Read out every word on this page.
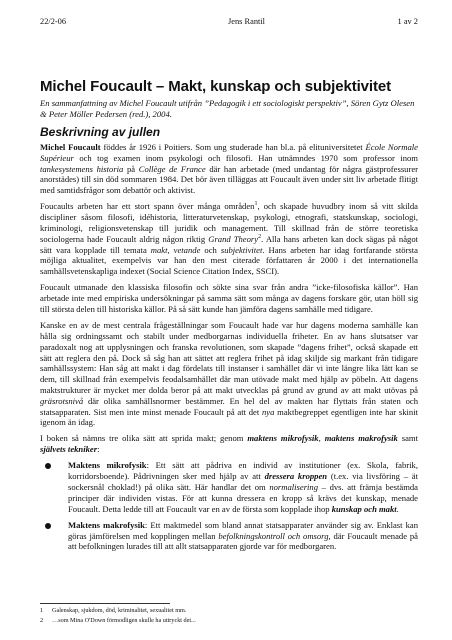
22/2-06	Jens Rantil	1 av 2
Michel Foucault – Makt, kunskap och subjektivitet

En sammanfattning av Michel Foucault utifrån ”Pedagogik i ett sociologiskt perspektiv”, Sören Gytz Olesen & Peter Möller Pedersen (red.), 2004.

Beskrivning av jullen

Michel Foucault föddes år 1926 i Poitiers. Som ung studerade han bl.a. på elituniversitetet École Normale Supérieur och tog examen inom psykologi och filosofi. Han utnämndes 1970 som professor inom tankesystemens historia på Collège de France där han arbetade (med undantag för några gästprofessurer anorstädes) till sin död sommaren 1984. Det bör även tilläggas att Foucault även under sitt liv arbetade flitigt med samtidsfrågor som debattör och aktivist.

Foucaults arbeten har ett stort spann över många områden$^1$, och skapade huvudbry inom så vitt skilda discipliner såsom filosofi, idéhistoria, litteraturvetenskap, psykologi, etnografi, statskunskap, sociologi, kriminologi, religionsvetenskap till juridik och management. Till skillnad från de större teoretiska sociologerna hade Foucault aldrig någon riktig Grand Theory$^2$. Alla hans arbeten kan dock sägas på något sätt vara kopplade till temata makt, vetande och subjektivitet. Hans arbeten har idag fortfarande största möjliga aktualitet, exempelvis var han den mest citerade författaren år 2000 i det internationella samhällsvetenskapliga indexet (Social Science Citation Index, SSCI).

Foucault utmanade den klassiska filosofin och sökte sina svar från andra ”icke-filosofiska källor”. Han arbetade inte med empiriska undersökningar på samma sätt som många av dagens forskare gör, utan höll sig till största delen till historiska källor. På så sätt kunde han jämföra dagens samhälle med tidigare.

Kanske en av de mest centrala frågeställningar som Foucault hade var hur dagens moderna samhälle kan hålla sig ordningssamt och stabilt under medborgarnas individuella friheter. En av hans slutsatser var paradoxalt nog att upplysningen och franska revolutionen, som skapade ”dagens frihet”, också skapade ett sätt att reglera den på. Dock så såg han att sättet att reglera frihet på idag skiljde sig markant från tidigare samhällssystem: Han såg att makt i dag fördelats till instanser i samhället där vi inte längre lika lätt kan se dem, till skillnad från exempelvis feodalsamhället där man utövade makt med hjälp av pöbeln. Att dagens maktstrukturer är mycket mer dolda beror på att makt utvecklas på grund av grund av att makt utövas på gräsrotsnivå där olika samhällsnormer bestämmer. En hel del av makten har flyttats från staten och statsapparaten. Sist men inte minst menade Foucault på att det nya maktbegreppet egentligen inte har skinit igenom än idag.

I boken så nämns tre olika sätt att sprida makt; genom maktens mikrofysik, maktens makrofysik samt självets tekniker:

Maktens mikrofysik: Ett sätt att pådriva en individ av institutioner (ex. Skola, fabrik, korridorsboende). Pådrivningen sker med hjälp av att dressera kroppen (t.ex. via livsföring – ät sockersnål choklad!) på olika sätt. Här handlar det om normalisering – dvs. att främja bestämda principer där individen vistas. För att kunna dressera en kropp så krävs det kunskap, menade Foucault. Detta ledde till att Foucault var en av de första som kopplade ihop kunskap och makt.
Maktens makrofysik: Ett maktmedel som bland annat statsapparater använder sig av. Enklast kan göras jämförelsen med kopplingen mellan befolkningskontroll och omsorg, där Foucault menade på att befolkningen lurades till att allt statsapparaten gjorde var för medborgaren.
1 Galenskap, sjukdom, död, kriminalitet, sexualitet mm.
2 …som Mina O'Down förmodligen skulle ha uttryckt det...
